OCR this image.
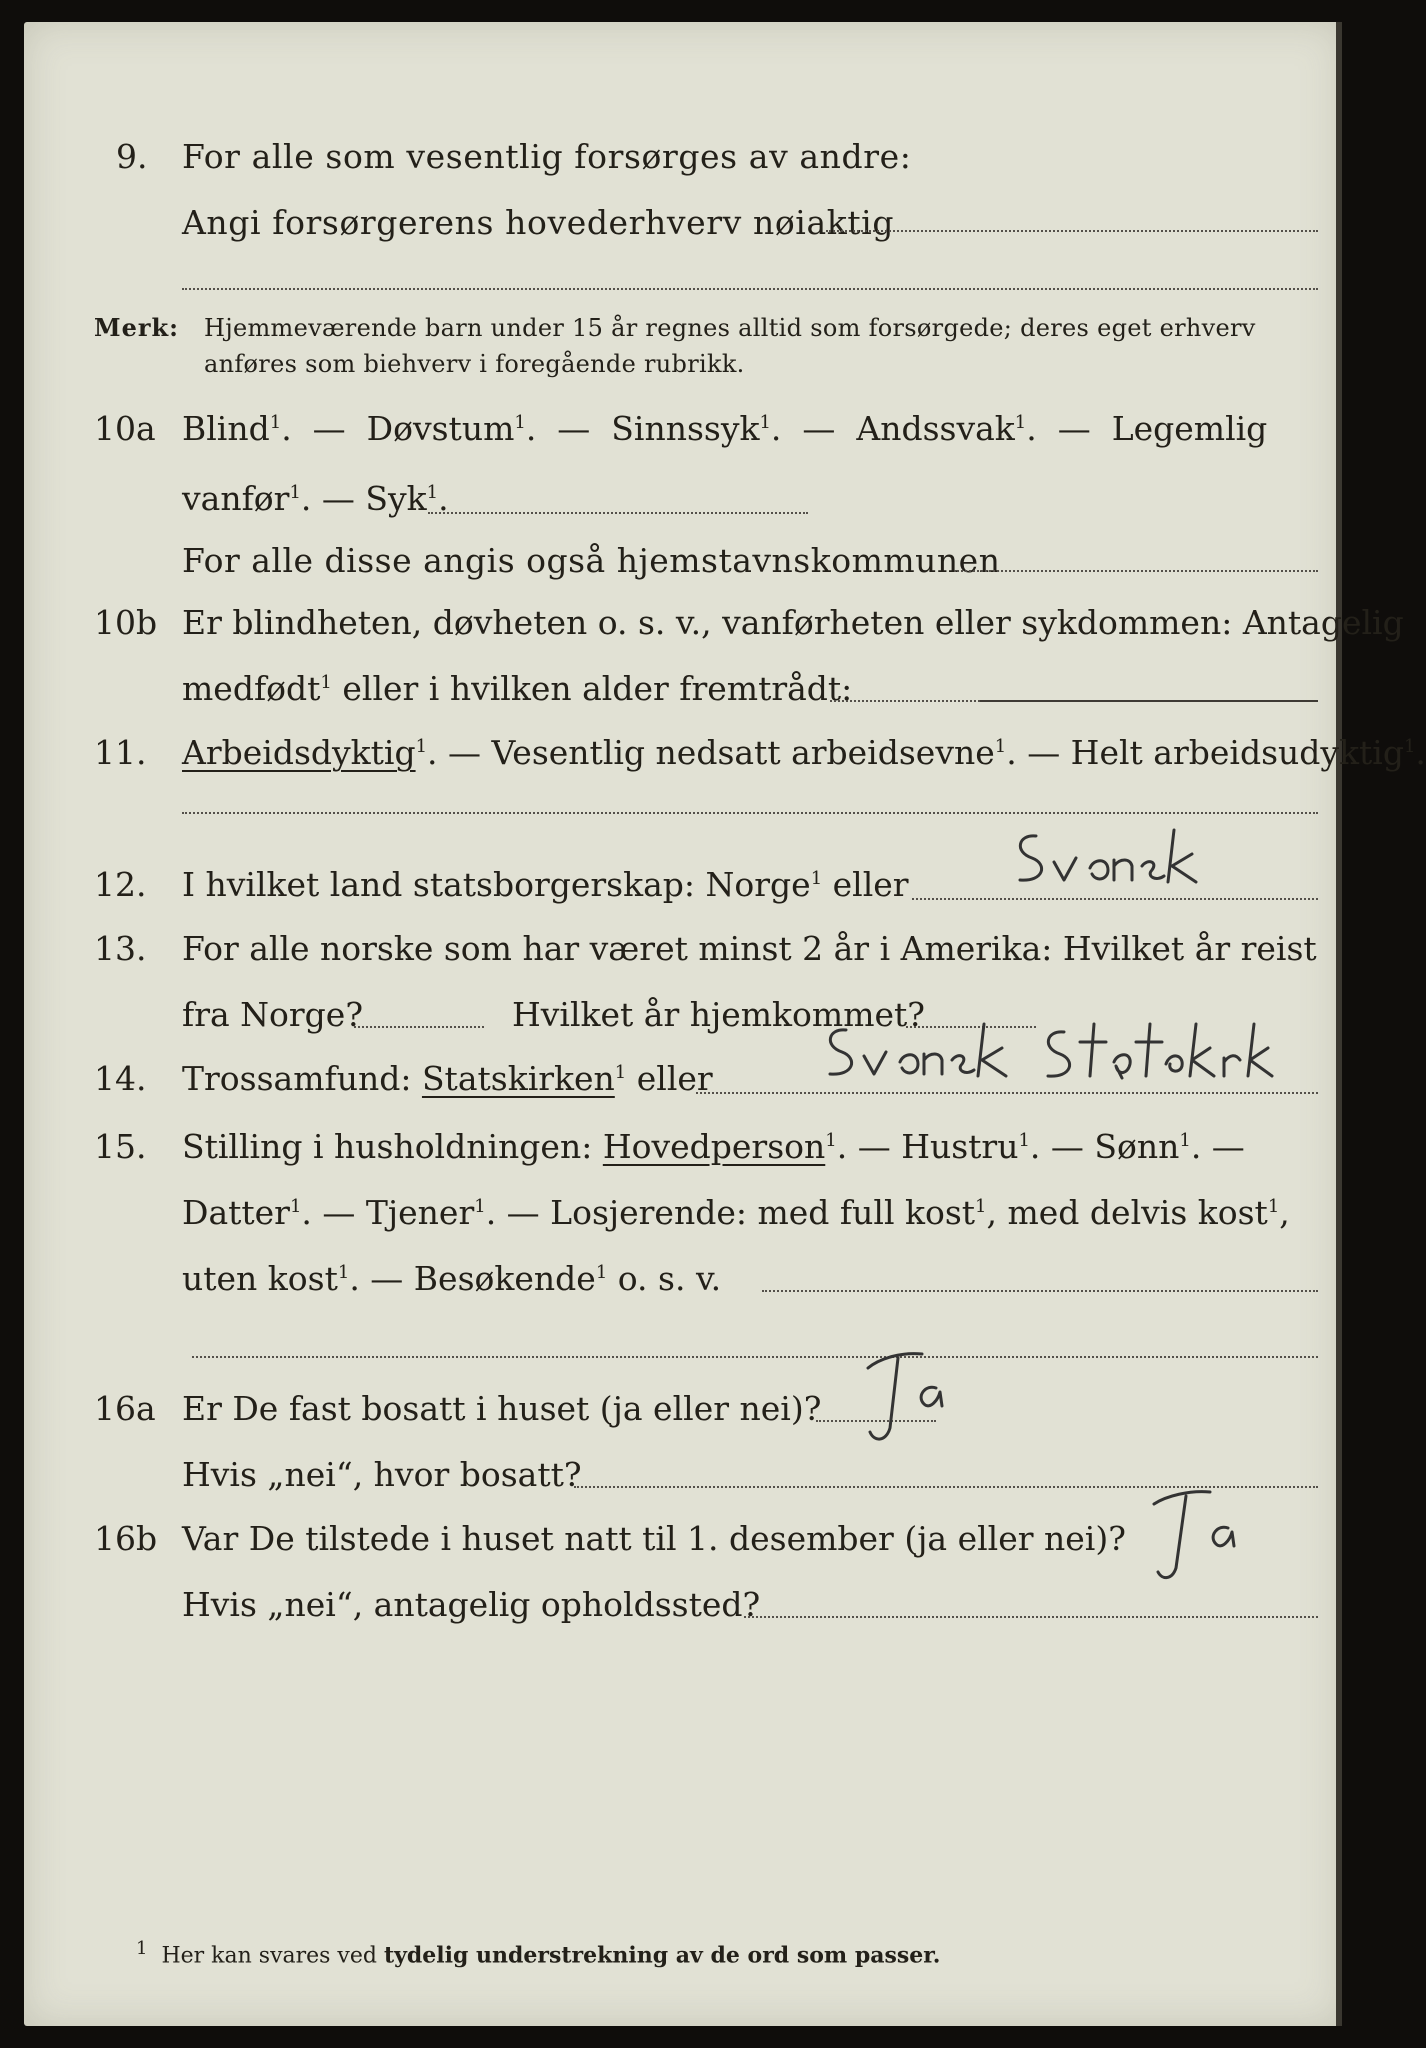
9. For alle som vesentlig forsørges av andre:
Angi forsørgerens hovederhverv nøiaktig
Merk: Hjemmeværende barn under 15 år regnes alltid som forsørgede; deres eget erhverv
anføres som biehverv i foregående rubrikk.
10a Blind$^1$.  —  Døvstum$^1$.  —  Sinnssyk$^1$.  —  Andssvak$^1$.  —  Legemlig
vanfør$^1$. — Syk$^1$.
For alle disse angis også hjemstavnskommunen
10b Er blindheten, døvheten o. s. v., vanførheten eller sykdommen: Antagelig
medfødt$^1$ eller i hvilken alder fremtrådt:
11. Arbeidsdyktig$^1$. — Vesentlig nedsatt arbeidsevne$^1$. — Helt arbeidsudyktig$^1$.
12. I hvilket land statsborgerskap: Norge$^1$ eller
13. For alle norske som har været minst 2 år i Amerika: Hvilket år reist
fra Norge?	Hvilket år hjemkommet?
14. Trossamfund: Statskirken$^1$ eller
15. Stilling i husholdningen: Hovedperson$^1$. — Hustru$^1$. — Sønn$^1$. —
Datter$^1$. — Tjener$^1$. — Losjerende: med full kost$^1$, med delvis kost$^1$,
uten kost$^1$. — Besøkende$^1$ o. s. v.
16a Er De fast bosatt i huset (ja eller nei)?
Hvis „nei“, hvor bosatt?
16b Var De tilstede i huset natt til 1. desember (ja eller nei)?
Hvis „nei“, antagelig opholdssted?
$^1$ Her kan svares ved tydelig understrekning av de ord som passer.
